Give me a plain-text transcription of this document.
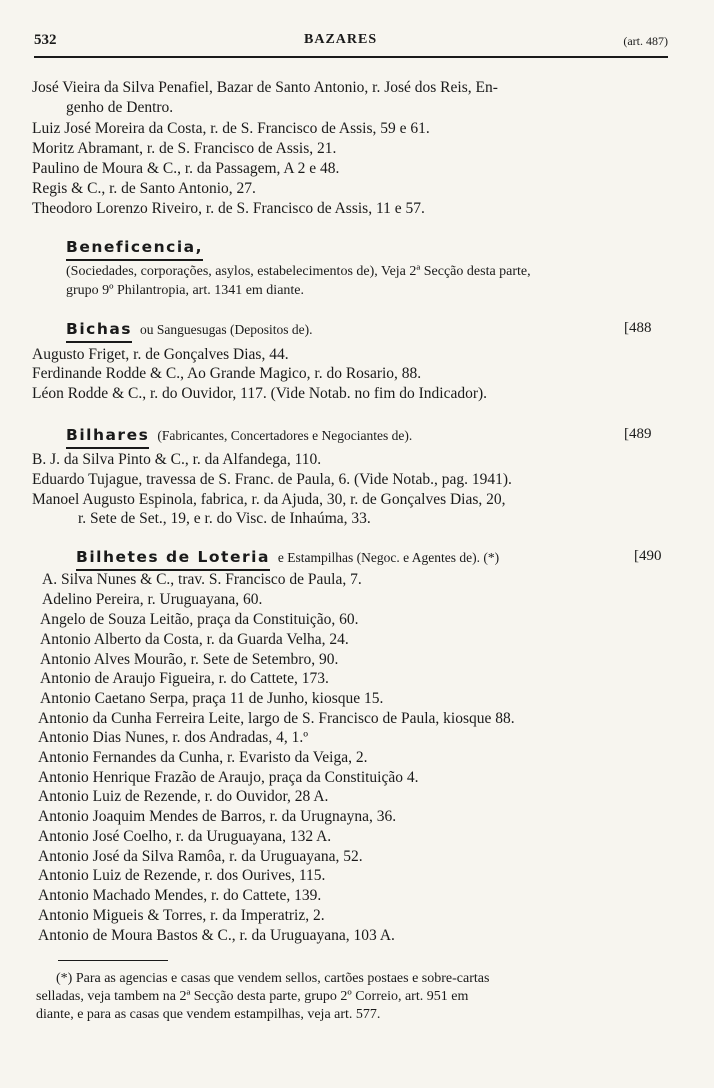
532	BAZARES	(art. 487)
José Vieira da Silva Penafiel, Bazar de Santo Antonio, r. José dos Reis, En-
genho de Dentro.
Luiz José Moreira da Costa, r. de S. Francisco de Assis, 59 e 61.
Moritz Abramant, r. de S. Francisco de Assis, 21.
Paulino de Moura & C., r. da Passagem, A 2 e 48.
Regis & C., r. de Santo Antonio, 27.
Theodoro Lorenzo Riveiro, r. de S. Francisco de Assis, 11 e 57.
Beneficencia,
(Sociedades, corporações, asylos, estabelecimentos de), Veja 2ª Secção desta parte,
grupo 9º Philantropia, art. 1341 em diante.
Bichas ou Sanguesugas (Depositos de).	[488
Augusto Friget, r. de Gonçalves Dias, 44.
Ferdinande Rodde & C., Ao Grande Magico, r. do Rosario, 88.
Léon Rodde & C., r. do Ouvidor, 117. (Vide Notab. no fim do Indicador).
Bilhares (Fabricantes, Concertadores e Negociantes de).	[489
B. J. da Silva Pinto & C., r. da Alfandega, 110.
Eduardo Tujague, travessa de S. Franc. de Paula, 6. (Vide Notab., pag. 1941).
Manoel Augusto Espinola, fabrica, r. da Ajuda, 30, r. de Gonçalves Dias, 20,
r. Sete de Set., 19, e r. do Visc. de Inhaúma, 33.
Bilhetes de Loteria e Estampilhas (Negoc. e Agentes de). (*)	[490
A. Silva Nunes & C., trav. S. Francisco de Paula, 7.
Adelino Pereira, r. Uruguayana, 60.
Angelo de Souza Leitão, praça da Constituição, 60.
Antonio Alberto da Costa, r. da Guarda Velha, 24.
Antonio Alves Mourão, r. Sete de Setembro, 90.
Antonio de Araujo Figueira, r. do Cattete, 173.
Antonio Caetano Serpa, praça 11 de Junho, kiosque 15.
Antonio da Cunha Ferreira Leite, largo de S. Francisco de Paula, kiosque 88.
Antonio Dias Nunes, r. dos Andradas, 4, 1.º
Antonio Fernandes da Cunha, r. Evaristo da Veiga, 2.
Antonio Henrique Frazão de Araujo, praça da Constituição 4.
Antonio Luiz de Rezende, r. do Ouvidor, 28 A.
Antonio Joaquim Mendes de Barros, r. da Urugnayna, 36.
Antonio José Coelho, r. da Uruguayana, 132 A.
Antonio José da Silva Ramôa, r. da Uruguayana, 52.
Antonio Luiz de Rezende, r. dos Ourives, 115.
Antonio Machado Mendes, r. do Cattete, 139.
Antonio Migueis & Torres, r. da Imperatriz, 2.
Antonio de Moura Bastos & C., r. da Uruguayana, 103 A.
(*) Para as agencias e casas que vendem sellos, cartões postaes e sobre-cartas
selladas, veja tambem na 2ª Secção desta parte, grupo 2º Correio, art. 951 em
diante, e para as casas que vendem estampilhas, veja art. 577.
